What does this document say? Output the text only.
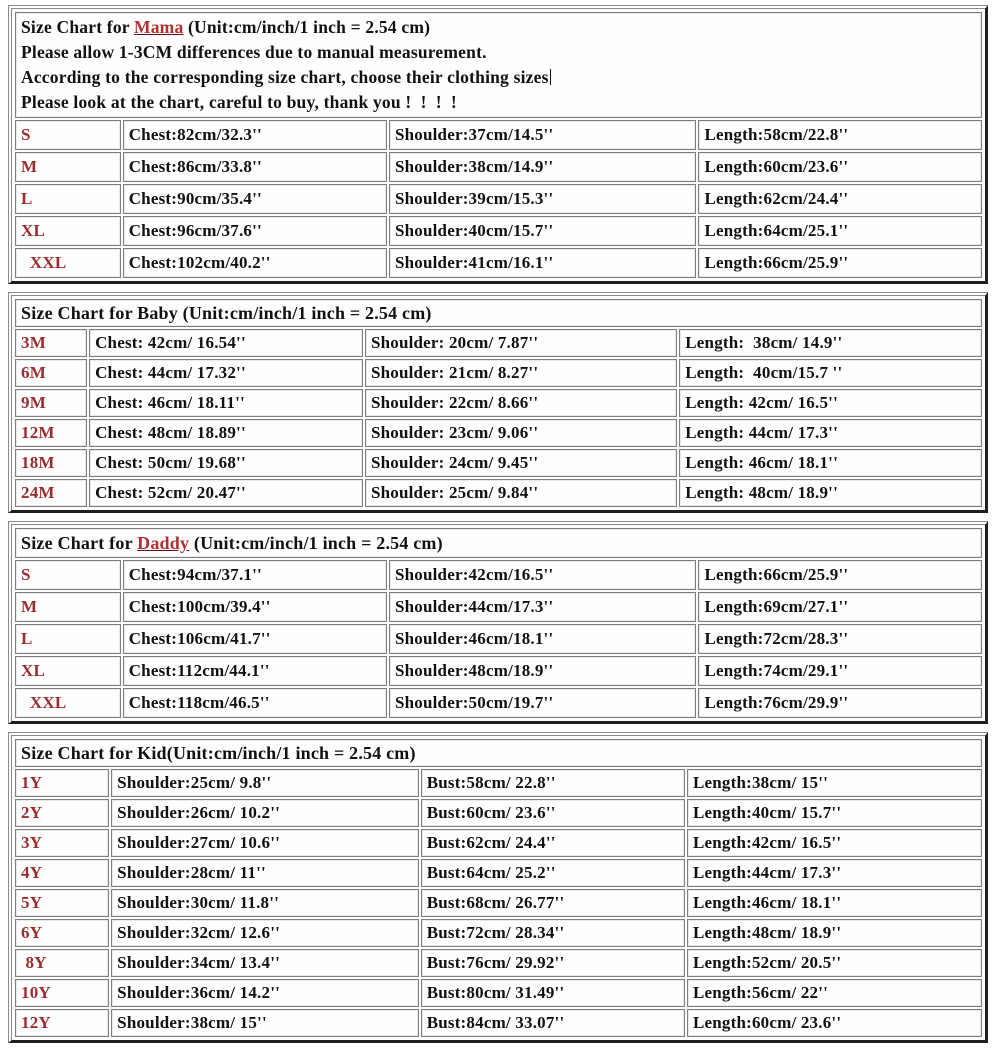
Size Chart for Mama (Unit:cm/inch/1 inch = 2.54 cm)
Please allow 1-3CM differences due to manual measurement.
According to the corresponding size chart, choose their clothing sizes
Please look at the chart, careful to buy, thank you !  !  !  !			

S	Chest:82cm/32.3''	Shoulder:37cm/14.5''	Length:58cm/22.8''
M	Chest:86cm/33.8''	Shoulder:38cm/14.9''	Length:60cm/23.6''
L	Chest:90cm/35.4''	Shoulder:39cm/15.3''	Length:62cm/24.4''
XL	Chest:96cm/37.6''	Shoulder:40cm/15.7''	Length:64cm/25.1''
XXL	Chest:102cm/40.2''	Shoulder:41cm/16.1''	Length:66cm/25.9''
Size Chart for Baby (Unit:cm/inch/1 inch = 2.54 cm)			

3M	Chest: 42cm/ 16.54''	Shoulder: 20cm/ 7.87''	Length:  38cm/ 14.9''
6M	Chest: 44cm/ 17.32''	Shoulder: 21cm/ 8.27''	Length:  40cm/15.7 ''
9M	Chest: 46cm/ 18.11''	Shoulder: 22cm/ 8.66''	Length: 42cm/ 16.5''
12M	Chest: 48cm/ 18.89''	Shoulder: 23cm/ 9.06''	Length: 44cm/ 17.3''
18M	Chest: 50cm/ 19.68''	Shoulder: 24cm/ 9.45''	Length: 46cm/ 18.1''
24M	Chest: 52cm/ 20.47''	Shoulder: 25cm/ 9.84''	Length: 48cm/ 18.9''
Size Chart for Daddy (Unit:cm/inch/1 inch = 2.54 cm)			

S	Chest:94cm/37.1''	Shoulder:42cm/16.5''	Length:66cm/25.9''
M	Chest:100cm/39.4''	Shoulder:44cm/17.3''	Length:69cm/27.1''
L	Chest:106cm/41.7''	Shoulder:46cm/18.1''	Length:72cm/28.3''
XL	Chest:112cm/44.1''	Shoulder:48cm/18.9''	Length:74cm/29.1''
XXL	Chest:118cm/46.5''	Shoulder:50cm/19.7''	Length:76cm/29.9''
Size Chart for Kid(Unit:cm/inch/1 inch = 2.54 cm)			

1Y	Shoulder:25cm/ 9.8''	Bust:58cm/ 22.8''	Length:38cm/ 15''
2Y	Shoulder:26cm/ 10.2''	Bust:60cm/ 23.6''	Length:40cm/ 15.7''
3Y	Shoulder:27cm/ 10.6''	Bust:62cm/ 24.4''	Length:42cm/ 16.5''
4Y	Shoulder:28cm/ 11''	Bust:64cm/ 25.2''	Length:44cm/ 17.3''
5Y	Shoulder:30cm/ 11.8''	Bust:68cm/ 26.77''	Length:46cm/ 18.1''
6Y	Shoulder:32cm/ 12.6''	Bust:72cm/ 28.34''	Length:48cm/ 18.9''
8Y	Shoulder:34cm/ 13.4''	Bust:76cm/ 29.92''	Length:52cm/ 20.5''
10Y	Shoulder:36cm/ 14.2''	Bust:80cm/ 31.49''	Length:56cm/ 22''
12Y	Shoulder:38cm/ 15''	Bust:84cm/ 33.07''	Length:60cm/ 23.6''
